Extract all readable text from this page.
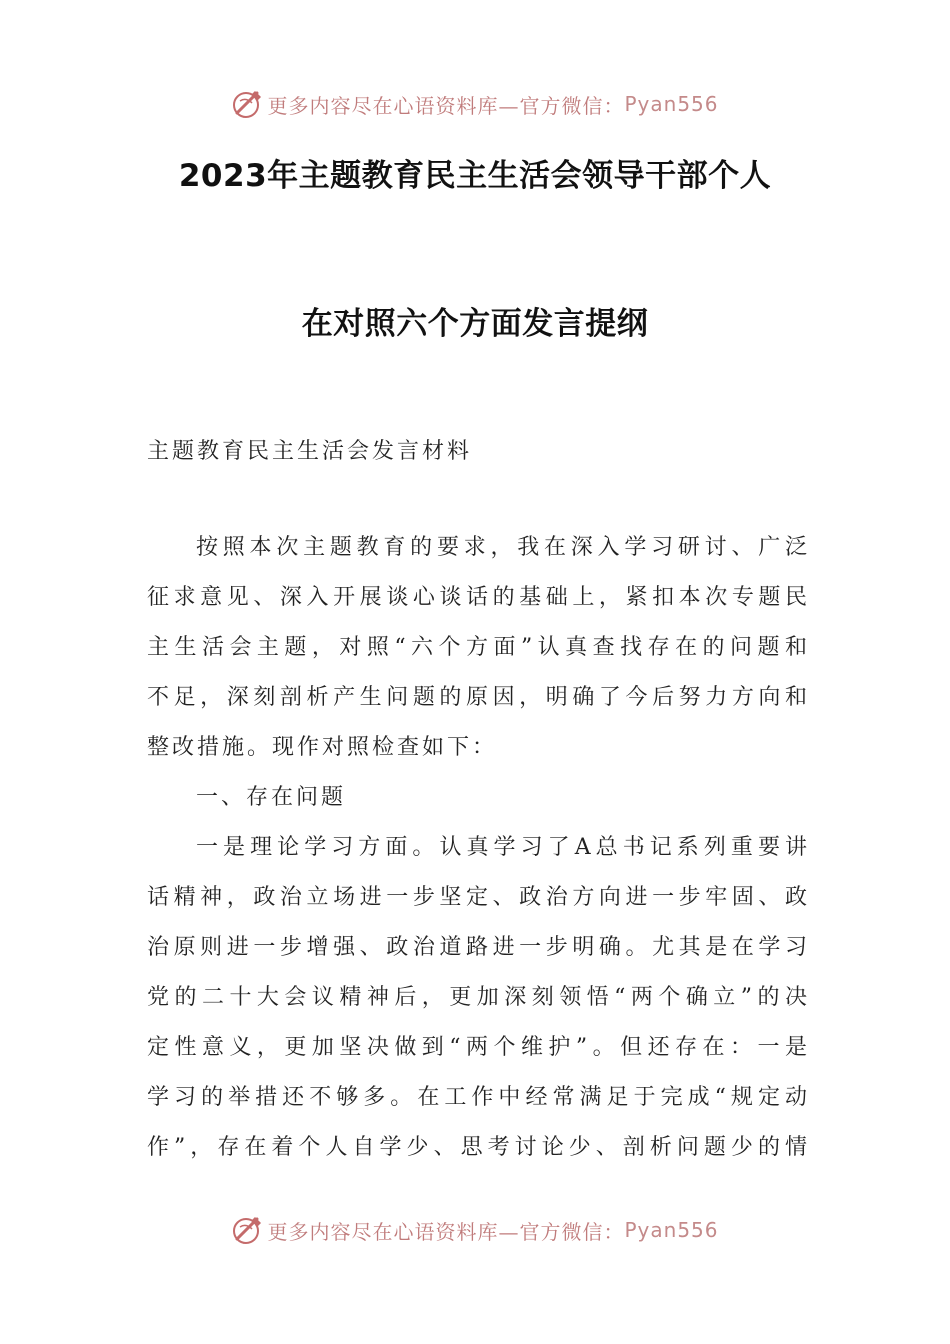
更多内容尽在心语资料库—官方微信： Pyan556
2023年主题教育民主生活会领导干部个人
在对照六个方面发言提纲
主题教育民主生活会发言材料
按照本次主题教育的要求，我在深入学习研讨、广泛
征求意见、深入开展谈心谈话的基础上，紧扣本次专题民
主生活会主题，对照“六个方面”认真查找存在的问题和
不足，深刻剖析产生问题的原因，明确了今后努力方向和
整改措施。现作对照检查如下：
一、存在问题
一是理论学习方面。认真学习了A总书记系列重要讲
话精神，政治立场进一步坚定、政治方向进一步牢固、政
治原则进一步增强、政治道路进一步明确。尤其是在学习
党的二十大会议精神后，更加深刻领悟“两个确立”的决
定性意义，更加坚决做到“两个维护”。但还存在：一是
学习的举措还不够多。在工作中经常满足于完成“规定动
作”，存在着个人自学少、思考讨论少、剖析问题少的情
更多内容尽在心语资料库—官方微信： Pyan556
